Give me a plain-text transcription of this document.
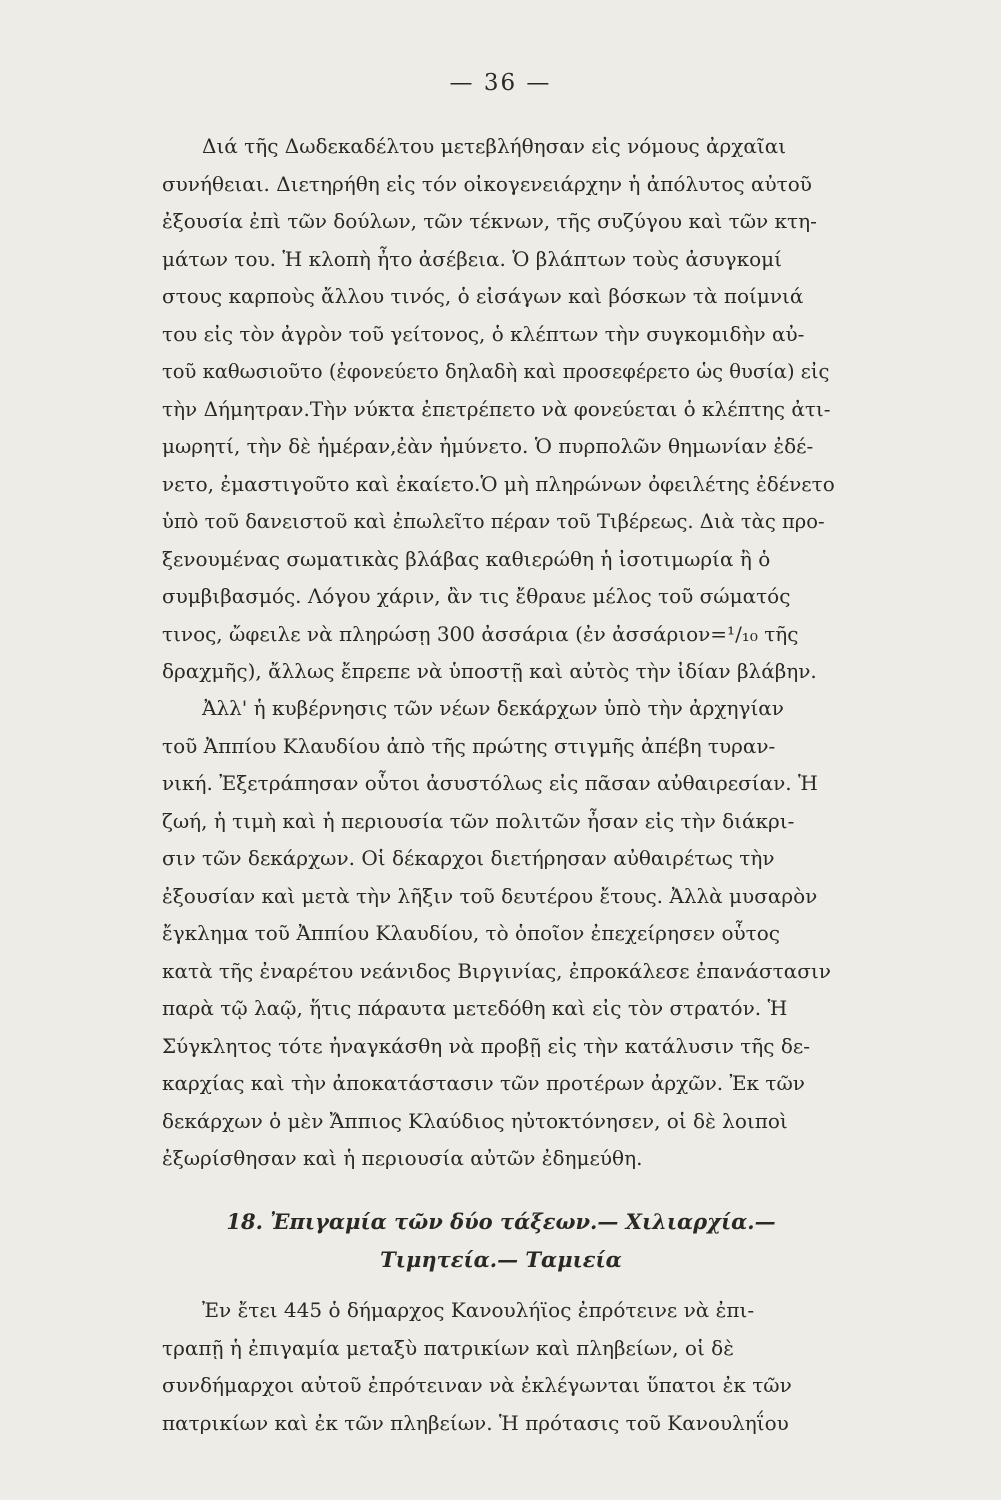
— 36 —
Διά τῆς Δωδεκαδέλτου μετεβλήθησαν εἰς νόμους ἀρχαῖαι
συνήθειαι. Διετηρήθη εἰς τόν οἰκογενειάρχην ἡ ἀπόλυτος αὐτοῦ
ἐξουσία ἐπὶ τῶν δούλων, τῶν τέκνων, τῆς συζύγου καὶ τῶν κτη-
μάτων του. Ἡ κλοπὴ ἦτο ἀσέβεια. Ὁ βλάπτων τοὺς ἀσυγκομί
στους καρποὺς ἄλλου τινός, ὁ εἰσάγων καὶ βόσκων τὰ ποίμνιά
του εἰς τὸν ἀγρὸν τοῦ γείτονος, ὁ κλέπτων τὴν συγκομιδὴν αὐ-
τοῦ καθωσιοῦτο (ἐφονεύετο δηλαδὴ καὶ προσεφέρετο ὡς θυσία) εἰς
τὴν Δήμητραν.Τὴν νύκτα ἐπετρέπετο νὰ φονεύεται ὁ κλέπτης ἀτι-
μωρητί, τὴν δὲ ἡμέραν,ἐὰν ἠμύνετο. Ὁ πυρπολῶν θημωνίαν ἐδέ-
νετο, ἐμαστιγοῦτο καὶ ἐκαίετο.Ὁ μὴ πληρώνων ὀφειλέτης ἐδένετο
ὑπὸ τοῦ δανειστοῦ καὶ ἐπωλεῖτο πέραν τοῦ Τιβέρεως. Διὰ τὰς προ-
ξενουμένας σωματικὰς βλάβας καθιερώθη ἡ ἰσοτιμωρία ἢ ὁ
συμβιβασμός. Λόγου χάριν, ἂν τις ἔθραυε μέλος τοῦ σώματός
τινος, ὤφειλε νὰ πληρώσῃ 300 ἀσσάρια (ἐν ἀσσάριον=¹/₁₀ τῆς
δραχμῆς), ἄλλως ἔπρεπε νὰ ὑποστῇ καὶ αὐτὸς τὴν ἰδίαν βλάβην.
Ἀλλ' ἡ κυβέρνησις τῶν νέων δεκάρχων ὑπὸ τὴν ἀρχηγίαν
τοῦ Ἀππίου Κλαυδίου ἀπὸ τῆς πρώτης στιγμῆς ἀπέβη τυραν-
νική. Ἐξετράπησαν οὗτοι ἀσυστόλως εἰς πᾶσαν αὐθαιρεσίαν. Ἡ
ζωή, ἡ τιμὴ καὶ ἡ περιουσία τῶν πολιτῶν ἦσαν εἰς τὴν διάκρι-
σιν τῶν δεκάρχων. Οἱ δέκαρχοι διετήρησαν αὐθαιρέτως τὴν
ἐξουσίαν καὶ μετὰ τὴν λῆξιν τοῦ δευτέρου ἔτους. Ἀλλὰ μυσαρὸν
ἔγκλημα τοῦ Ἀππίου Κλαυδίου, τὸ ὁποῖον ἐπεχείρησεν οὗτος
κατὰ τῆς ἐναρέτου νεάνιδος Βιργινίας, ἐπροκάλεσε ἐπανάστασιν
παρὰ τῷ λαῷ, ἥτις πάραυτα μετεδόθη καὶ εἰς τὸν στρατόν. Ἡ
Σύγκλητος τότε ἠναγκάσθη νὰ προβῇ εἰς τὴν κατάλυσιν τῆς δε-
καρχίας καὶ τὴν ἀποκατάστασιν τῶν προτέρων ἀρχῶν. Ἐκ τῶν
δεκάρχων ὁ μὲν Ἄππιος Κλαύδιος ηὐτοκτόνησεν, οἱ δὲ λοιποὶ
ἐξωρίσθησαν καὶ ἡ περιουσία αὐτῶν ἐδημεύθη.
18. Ἐπιγαμία τῶν δύο τάξεων.— Χιλιαρχία.—
Τιμητεία.— Ταμιεία
Ἐν ἔτει 445 ὁ δήμαρχος Κανουλήϊος ἐπρότεινε νὰ ἐπι-
τραπῇ ἡ ἐπιγαμία μεταξὺ πατρικίων καὶ πληβείων, οἱ δὲ
συνδήμαρχοι αὐτοῦ ἐπρότειναν νὰ ἐκλέγωνται ὕπατοι ἐκ τῶν
πατρικίων καὶ ἐκ τῶν πληβείων. Ἡ πρότασις τοῦ Κανουληΐου
